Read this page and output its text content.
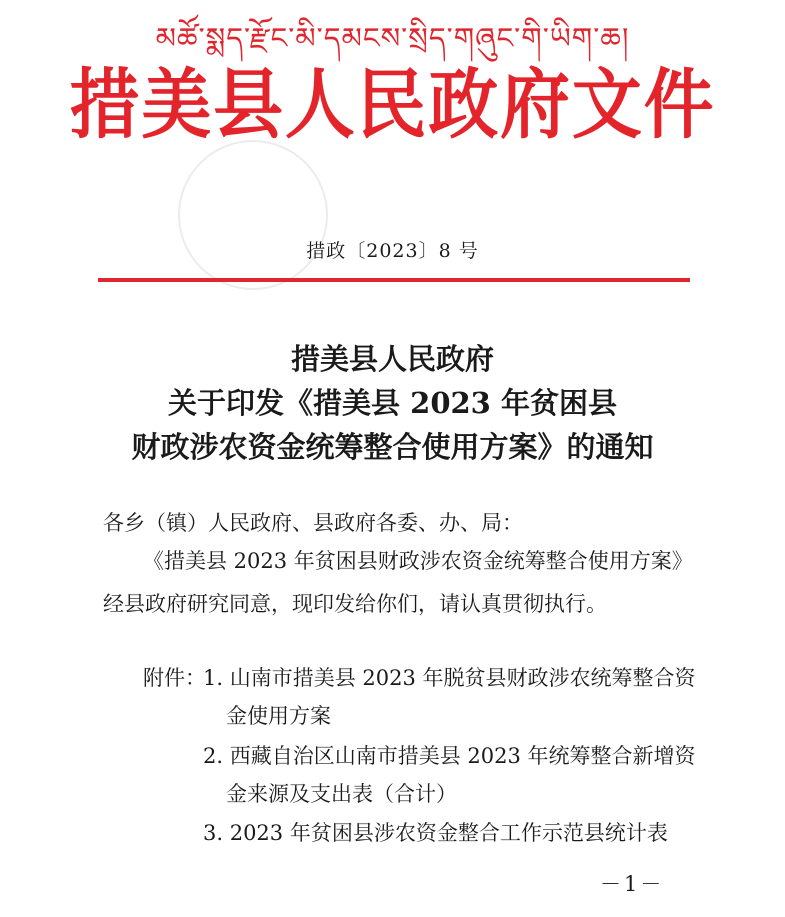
མཚོ་སྨད་རྫོང་མི་དམངས་སྲིད་གཞུང་གི་ཡིག་ཆ།
措美县人民政府文件
措政〔2023〕8 号
措美县人民政府
关于印发《措美县 2023 年贫困县
财政涉农资金统筹整合使用方案》的通知
各乡（镇）人民政府、县政府各委、办、局：
《措美县 2023 年贫困县财政涉农资金统筹整合使用方案》
经县政府研究同意，现印发给你们，请认真贯彻执行。
附件：
1. 山南市措美县 2023 年脱贫县财政涉农统筹整合资
金使用方案
2. 西藏自治区山南市措美县 2023 年统筹整合新增资
金来源及支出表（合计）
3. 2023 年贫困县涉农资金整合工作示范县统计表
－1－
